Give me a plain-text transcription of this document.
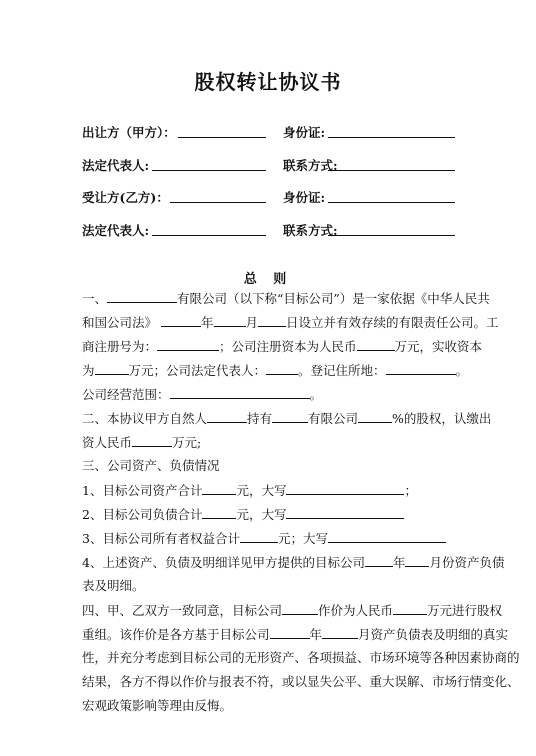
股权转让协议书
出让方（甲方）：	身份证:
法定代表人:	联系方式:
受让方(乙方)：	身份证:
法定代表人:	联系方式:
总 则
一、	有限公司（以下称“目标公司”）是一家依据《中华人民共
和国公司法》	年	月 日设立并有效存续的有限责任公司。工
商注册号为：	；公司注册资本为人民币	万元，实收资本
为	万元；公司法定代表人：	。登记住所地：	。
公司经营范围：	。
二、本协议甲方自然人	持有	有限公司	%的股权，认缴出
资人民币	万元;
三、公司资产、负债情况
1、目标公司资产合计	元，大写	；
2、目标公司负债合计	元，大写
3、目标公司所有者权益合计	元；大写
4、上述资产、负债及明细详见甲方提供的目标公司 年 月份资产负债
表及明细。
四、甲、乙双方一致同意，目标公司	作价为人民币	万元进行股权
重组。该作价是各方基于目标公司	年	月资产负债表及明细的真实
性，并充分考虑到目标公司的无形资产、各项损益、市场环境等各种因素协商的
结果，各方不得以作价与报表不符，或以显失公平、重大误解、市场行情变化、
宏观政策影响等理由反悔。
